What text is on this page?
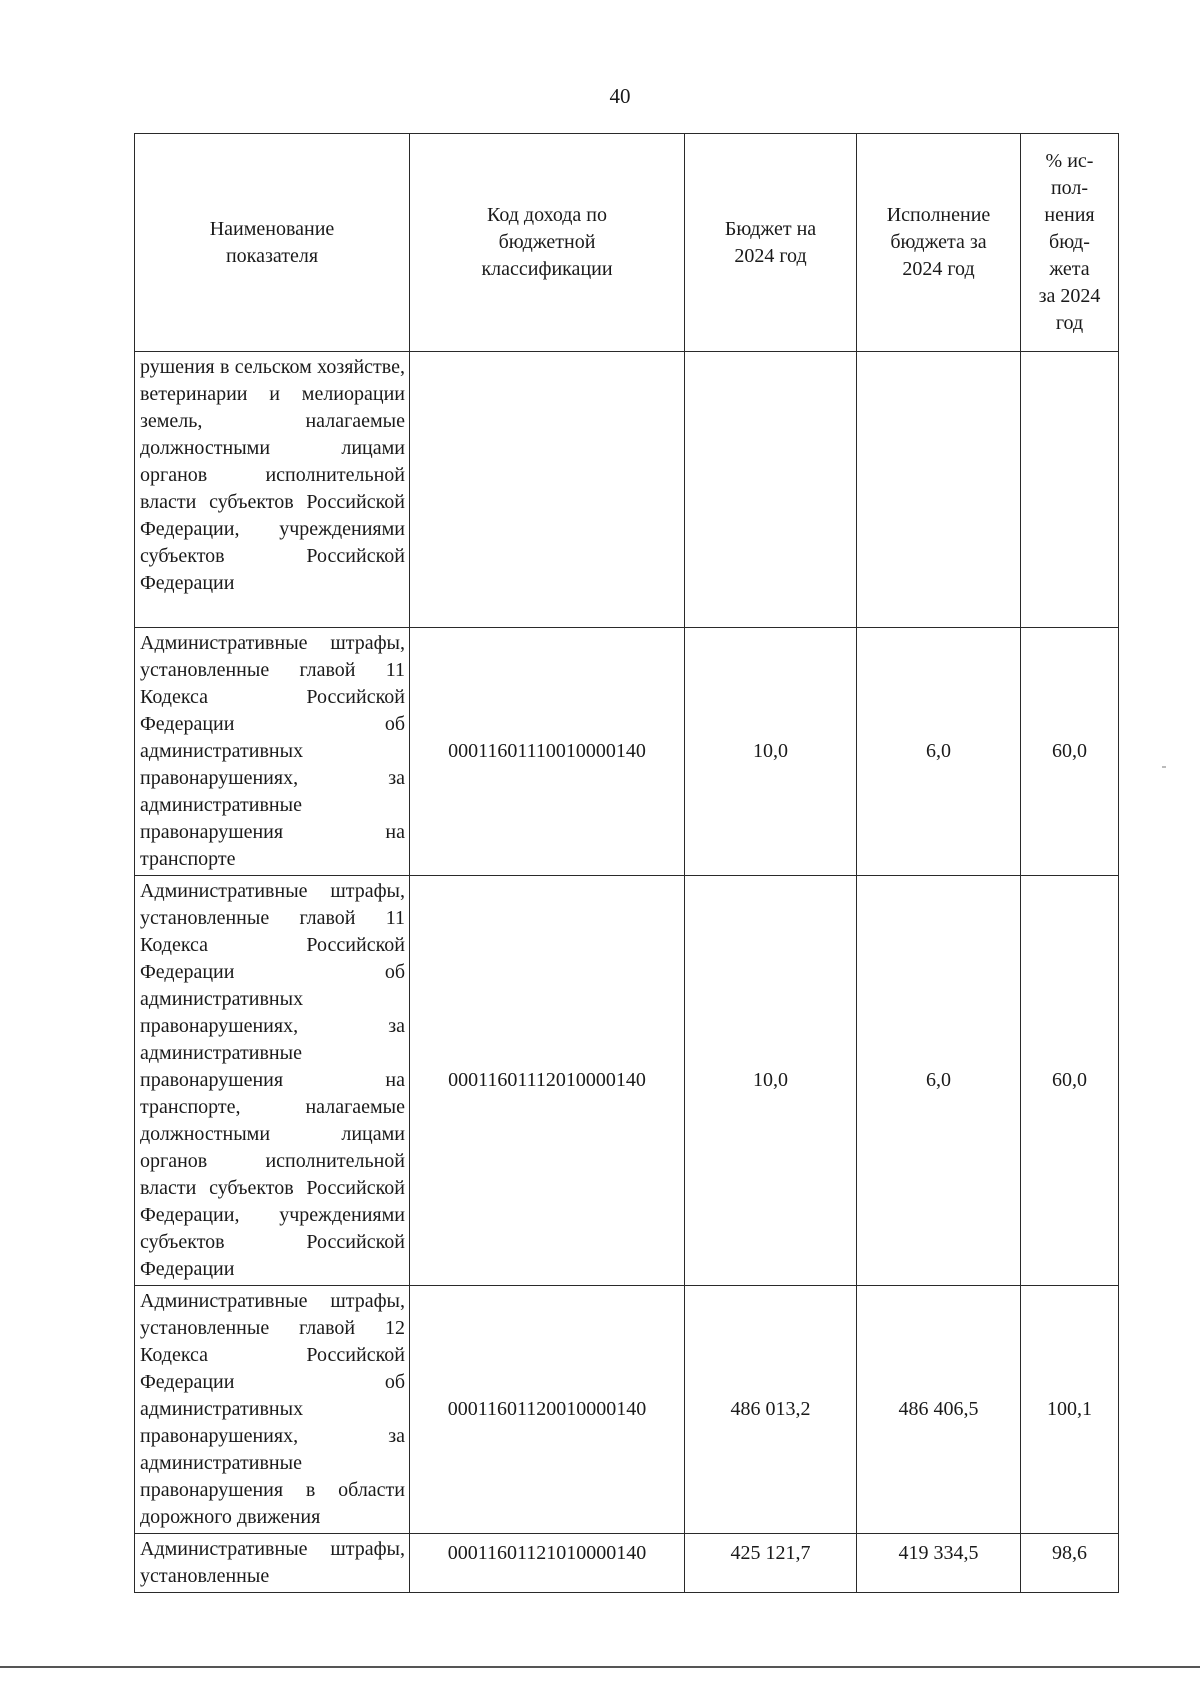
40
Наименование показателя	Код дохода по бюджетной классификации	Бюджет на 2024 год	Исполнение бюджета за 2024 год	% ис-пол-нения бюд-жета за 2024 год

рушения в сельском хозяйстве, ветеринарии и мелиорации земель, налагаемые должностными лицами органов исполнительной власти субъектов Российской Федерации, учреждениями субъектов Российской Федерации				
Административные штрафы, установленные главой 11 Кодекса Российской Федерации об административных правонарушениях, за административные правонарушения на транспорте	00011601110010000140	10,0	6,0	60,0
Административные штрафы, установленные главой 11 Кодекса Российской Федерации об административных правонарушениях, за административные правонарушения на транспорте, налагаемые должностными лицами органов исполнительной власти субъектов Российской Федерации, учреждениями субъектов Российской Федерации	00011601112010000140	10,0	6,0	60,0
Административные штрафы, установленные главой 12 Кодекса Российской Федерации об административных правонарушениях, за административные правонарушения в области дорожного движения	00011601120010000140	486 013,2	486 406,5	100,1
Административные штрафы, установленные	00011601121010000140	425 121,7	419 334,5	98,6
